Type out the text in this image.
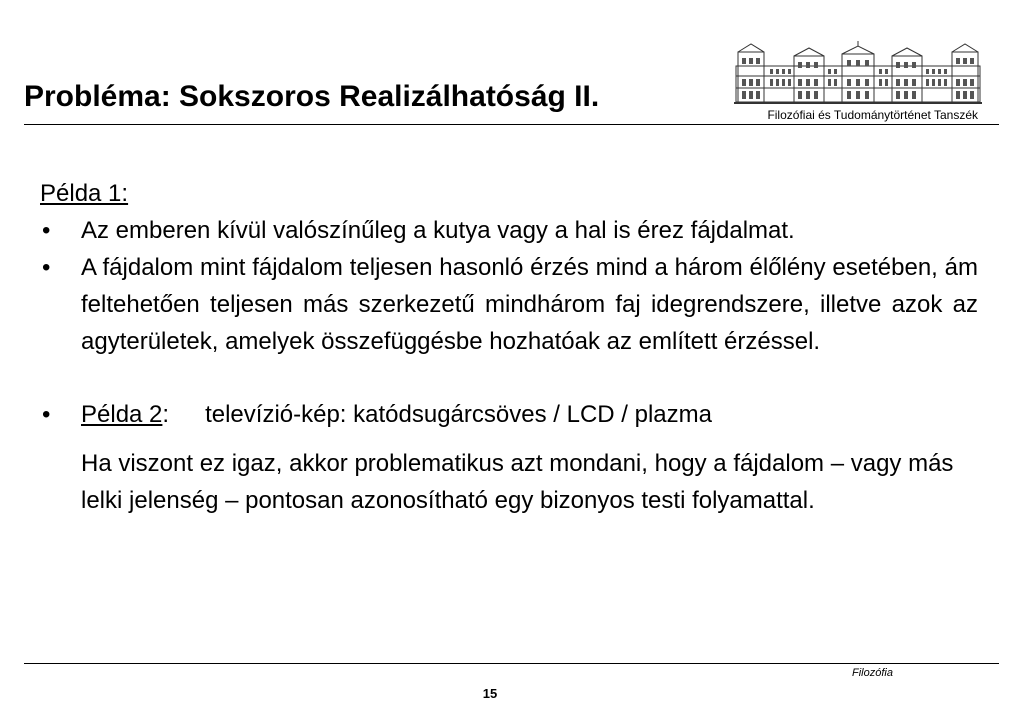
Probléma: Sokszoros Realizálhatóság II.
Filozófiai és Tudománytörténet Tanszék
Példa 1:
• Az emberen kívül valószínűleg a kutya vagy a hal is érez fájdalmat.
• A fájdalom mint fájdalom teljesen hasonló érzés mind a három élőlény esetében, ám feltehetően teljesen más szerkezetű mindhárom faj idegrendszere, illetve azok az agyterületek, amelyek összefüggésbe hozhatóak az említett érzéssel.
• Példa 2: televízió-kép: katódsugárcsöves / LCD / plazma
Ha viszont ez igaz, akkor problematikus azt mondani, hogy a fájdalom – vagy más lelki jelenség – pontosan azonosítható egy bizonyos testi folyamattal.
Filozófia
15
